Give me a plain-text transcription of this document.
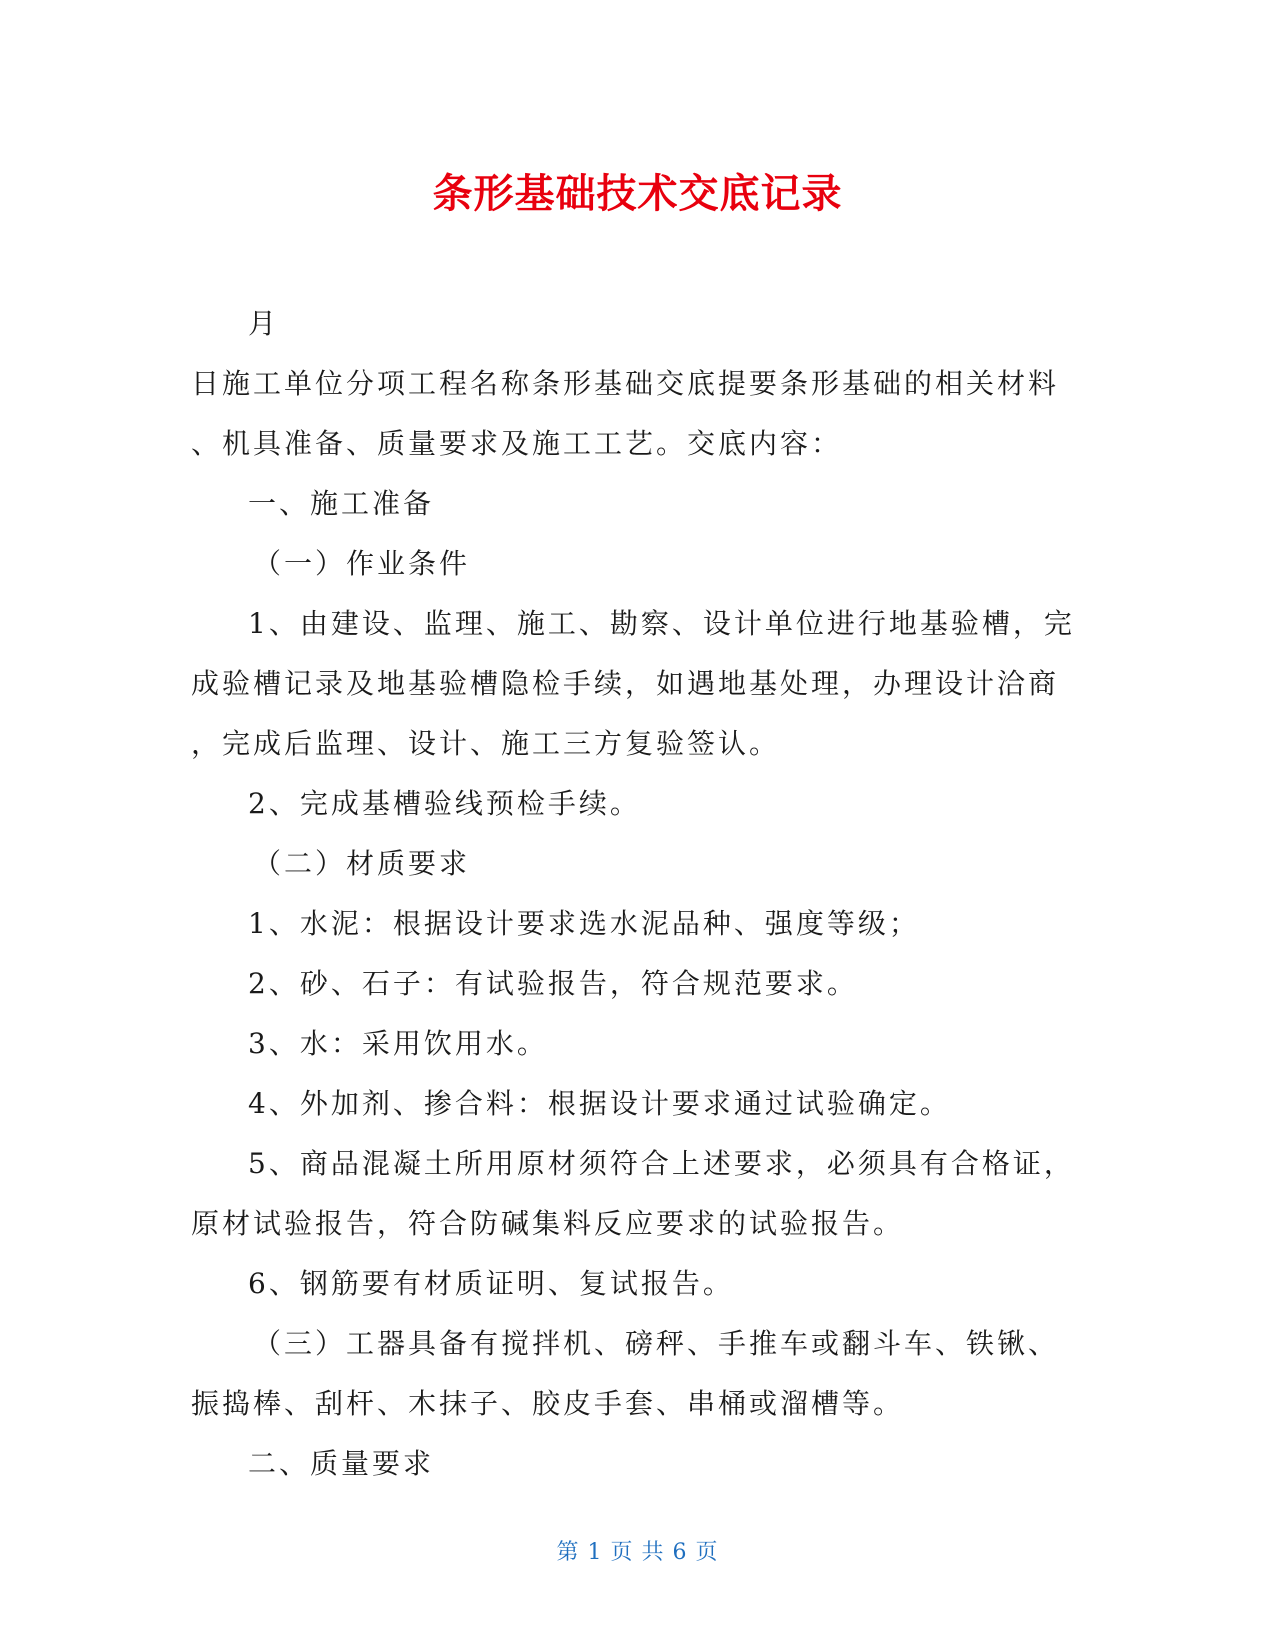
条形基础技术交底记录
月
日施工单位分项工程名称条形基础交底提要条形基础的相关材料
、机具准备、质量要求及施工工艺。交底内容：
一、施工准备
（一）作业条件
1、由建设、监理、施工、勘察、设计单位进行地基验槽，完
成验槽记录及地基验槽隐检手续，如遇地基处理，办理设计洽商
，完成后监理、设计、施工三方复验签认。
2、完成基槽验线预检手续。
（二）材质要求
1、水泥：根据设计要求选水泥品种、强度等级；
2、砂、石子：有试验报告，符合规范要求。
3、水：采用饮用水。
4、外加剂、掺合料：根据设计要求通过试验确定。
5、商品混凝土所用原材须符合上述要求，必须具有合格证，
原材试验报告，符合防碱集料反应要求的试验报告。
6、钢筋要有材质证明、复试报告。
（三）工器具备有搅拌机、磅秤、手推车或翻斗车、铁锹、
振捣棒、刮杆、木抹子、胶皮手套、串桶或溜槽等。
二、质量要求
第 1 页 共 6 页
